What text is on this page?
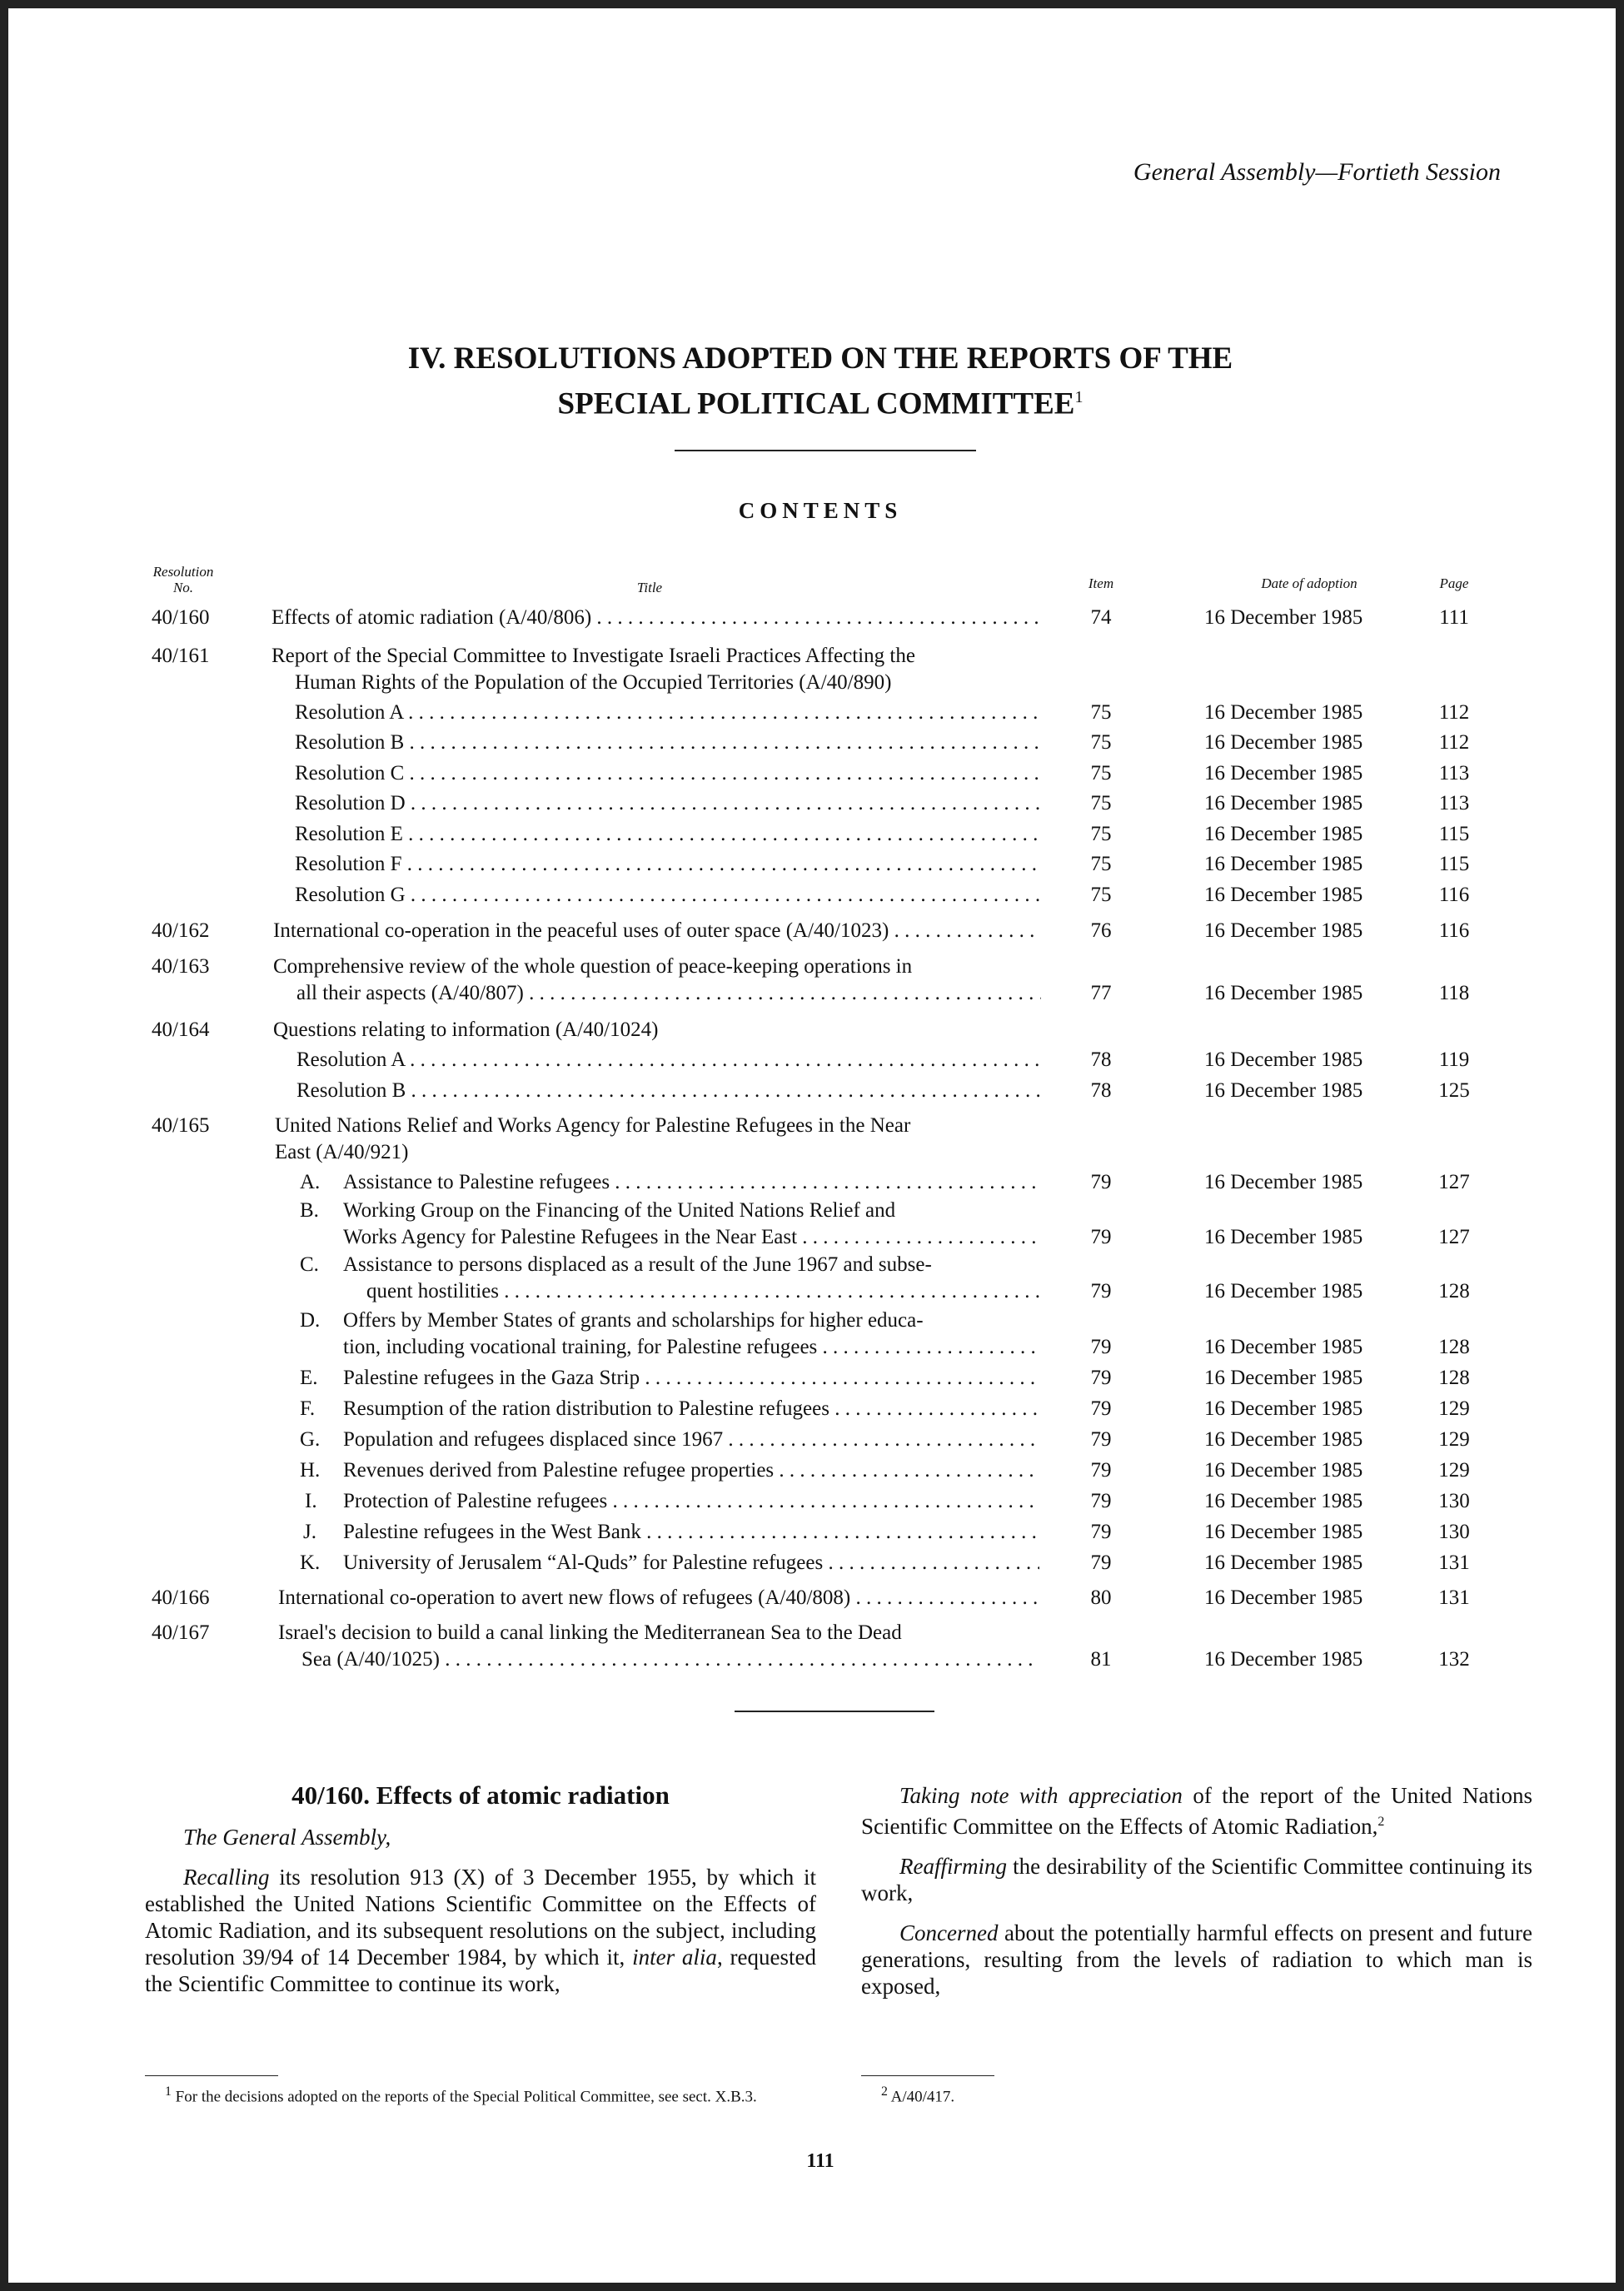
General Assembly—Fortieth Session
IV. RESOLUTIONS ADOPTED ON THE REPORTS OF THE
SPECIAL POLITICAL COMMITTEE$^1$
CONTENTS
Resolution
No.	Title	Item	Date of adoption	Page
40/160	Effects of atomic radiation (A/40/806) . . .	74	16 December 1985	111
40/161	Report of the Special Committee to Investigate Israeli Practices Affecting the
Human Rights of the Population of the Occupied Territories (A/40/890)
Resolution A . . .	75	16 December 1985	112
Resolution B . . .	75	16 December 1985	112
Resolution C . . .	75	16 December 1985	113
Resolution D . . .	75	16 December 1985	113
Resolution E . . .	75	16 December 1985	115
Resolution F . . .	75	16 December 1985	115
Resolution G . . .	75	16 December 1985	116
40/162	International co-operation in the peaceful uses of outer space (A/40/1023) . . .	76	16 December 1985	116
40/163	Comprehensive review of the whole question of peace-keeping operations in
all their aspects (A/40/807) . . .	77	16 December 1985	118
40/164	Questions relating to information (A/40/1024)
Resolution A . . .	78	16 December 1985	119
Resolution B . . .	78	16 December 1985	125
40/165	United Nations Relief and Works Agency for Palestine Refugees in the Near
East (A/40/921)
A.	Assistance to Palestine refugees . . .	79	16 December 1985	127
B.	Working Group on the Financing of the United Nations Relief and
Works Agency for Palestine Refugees in the Near East . . .	79	16 December 1985	127
C.	Assistance to persons displaced as a result of the June 1967 and subse-
quent hostilities . . .	79	16 December 1985	128
D.	Offers by Member States of grants and scholarships for higher educa-
tion, including vocational training, for Palestine refugees . . .	79	16 December 1985	128
E.	Palestine refugees in the Gaza Strip . . .	79	16 December 1985	128
F.	Resumption of the ration distribution to Palestine refugees . . .	79	16 December 1985	129
G.	Population and refugees displaced since 1967 . . .	79	16 December 1985	129
H.	Revenues derived from Palestine refugee properties . . .	79	16 December 1985	129
I.	Protection of Palestine refugees . . .	79	16 December 1985	130
J.	Palestine refugees in the West Bank . . .	79	16 December 1985	130
K.	University of Jerusalem “Al-Quds” for Palestine refugees . . .	79	16 December 1985	131
40/166	International co-operation to avert new flows of refugees (A/40/808) . . .	80	16 December 1985	131
40/167	Israel's decision to build a canal linking the Mediterranean Sea to the Dead
Sea (A/40/1025) . . .	81	16 December 1985	132
40/160. Effects of atomic radiation

The General Assembly,

Recalling its resolution 913 (X) of 3 December 1955, by which it established the United Nations Scientific Committee on the Effects of Atomic Radiation, and its subsequent resolutions on the subject, including resolution 39/94 of 14 December 1984, by which it, inter alia, requested the Scientific Committee to continue its work,

Taking note with appreciation of the report of the United Nations Scientific Committee on the Effects of Atomic Radiation,$^2$

Reaffirming the desirability of the Scientific Committee continuing its work,

Concerned about the potentially harmful effects on present and future generations, resulting from the levels of radiation to which man is exposed,

$^1$ For the decisions adopted on the reports of the Special Political Committee, see sect. X.B.3.	$^2$ A/40/417.
111
